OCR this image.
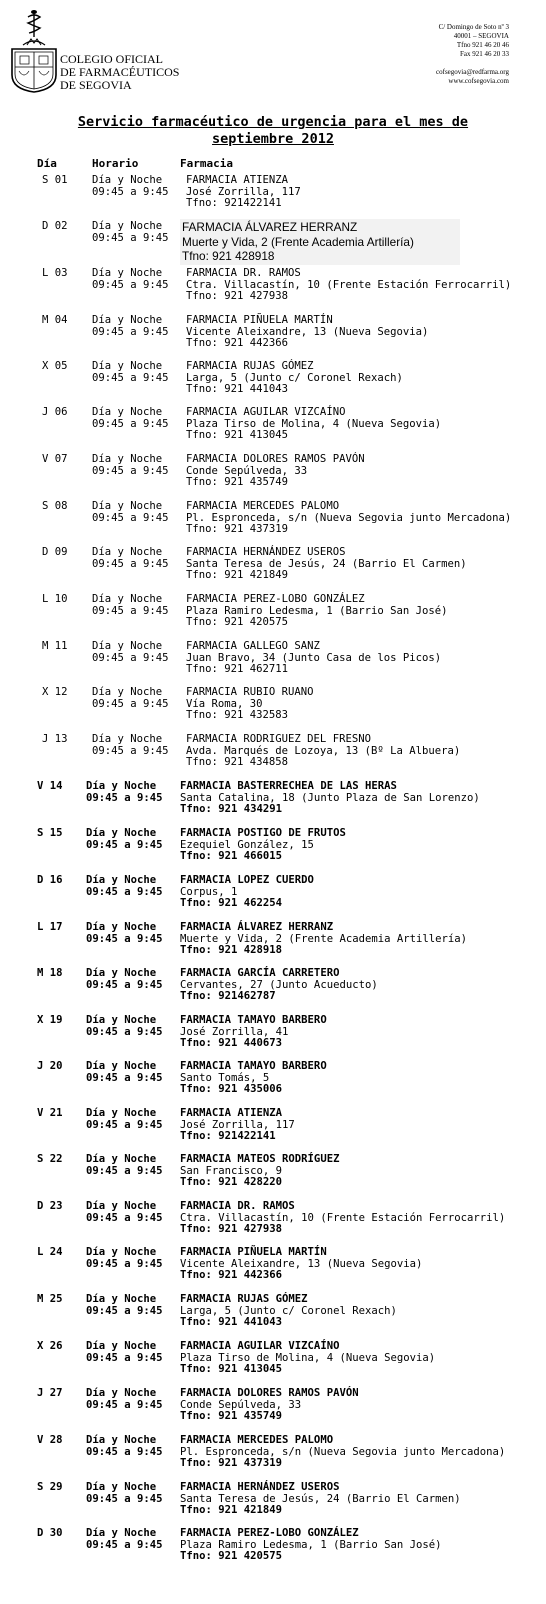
COLEGIO OFICIAL
DE FARMACÉUTICOS
DE SEGOVIA
C/ Domingo de Soto nº 3
40001 – SEGOVIA
Tfno 921 46 20 46
Fax 921 46 20 33
cofsegovia@redfarma.org
www.cofsegovia.com
Servicio farmacéutico de urgencia para el mes de
septiembre 2012
Día	Horario	Farmacia
S 01 Día y Noche
09:45 a 9:45
FARMACIA ATIENZA
José Zorrilla, 117
Tfno: 921422141
D 02 Día y Noche
09:45 a 9:45
FARMACIA ÁLVAREZ HERRANZ
Muerte y Vida, 2 (Frente Academia Artillería)
Tfno: 921 428918
L 03 Día y Noche
09:45 a 9:45
FARMACIA DR. RAMOS
Ctra. Villacastín, 10 (Frente Estación Ferrocarril)
Tfno: 921 427938
M 04 Día y Noche
09:45 a 9:45
FARMACIA PIÑUELA MARTÍN
Vicente Aleixandre, 13 (Nueva Segovia)
Tfno: 921 442366
X 05 Día y Noche
09:45 a 9:45
FARMACIA RUJAS GÓMEZ
Larga, 5 (Junto c/ Coronel Rexach)
Tfno: 921 441043
J 06 Día y Noche
09:45 a 9:45
FARMACIA AGUILAR VIZCAÍNO
Plaza Tirso de Molina, 4 (Nueva Segovia)
Tfno: 921 413045
V 07 Día y Noche
09:45 a 9:45
FARMACIA DOLORES RAMOS PAVÓN
Conde Sepúlveda, 33
Tfno: 921 435749
S 08 Día y Noche
09:45 a 9:45
FARMACIA MERCEDES PALOMO
Pl. Espronceda, s/n (Nueva Segovia junto Mercadona)
Tfno: 921 437319
D 09 Día y Noche
09:45 a 9:45
FARMACIA HERNÁNDEZ USEROS
Santa Teresa de Jesús, 24 (Barrio El Carmen)
Tfno: 921 421849
L 10 Día y Noche
09:45 a 9:45
FARMACIA PEREZ-LOBO GONZÁLEZ
Plaza Ramiro Ledesma, 1 (Barrio San José)
Tfno: 921 420575
M 11 Día y Noche
09:45 a 9:45
FARMACIA GALLEGO SANZ
Juan Bravo, 34 (Junto Casa de los Picos)
Tfno: 921 462711
X 12 Día y Noche
09:45 a 9:45
FARMACIA RUBIO RUANO
Vía Roma, 30
Tfno: 921 432583
J 13 Día y Noche
09:45 a 9:45
FARMACIA RODRIGUEZ DEL FRESNO
Avda. Marqués de Lozoya, 13 (Bº La Albuera)
Tfno: 921 434858
V 14 Día y Noche
09:45 a 9:45
FARMACIA BASTERRECHEA DE LAS HERAS
Santa Catalina, 18 (Junto Plaza de San Lorenzo)
Tfno: 921 434291
S 15 Día y Noche
09:45 a 9:45
FARMACIA POSTIGO DE FRUTOS
Ezequiel González, 15
Tfno: 921 466015
D 16 Día y Noche
09:45 a 9:45
FARMACIA LOPEZ CUERDO
Corpus, 1
Tfno: 921 462254
L 17 Día y Noche
09:45 a 9:45
FARMACIA ÁLVAREZ HERRANZ
Muerte y Vida, 2 (Frente Academia Artillería)
Tfno: 921 428918
M 18 Día y Noche
09:45 a 9:45
FARMACIA GARCÍA CARRETERO
Cervantes, 27 (Junto Acueducto)
Tfno: 921462787
X 19 Día y Noche
09:45 a 9:45
FARMACIA TAMAYO BARBERO
José Zorrilla, 41
Tfno: 921 440673
J 20 Día y Noche
09:45 a 9:45
FARMACIA TAMAYO BARBERO
Santo Tomás, 5
Tfno: 921 435006
V 21 Día y Noche
09:45 a 9:45
FARMACIA ATIENZA
José Zorrilla, 117
Tfno: 921422141
S 22 Día y Noche
09:45 a 9:45
FARMACIA MATEOS RODRÍGUEZ
San Francisco, 9
Tfno: 921 428220
D 23 Día y Noche
09:45 a 9:45
FARMACIA DR. RAMOS
Ctra. Villacastín, 10 (Frente Estación Ferrocarril)
Tfno: 921 427938
L 24 Día y Noche
09:45 a 9:45
FARMACIA PIÑUELA MARTÍN
Vicente Aleixandre, 13 (Nueva Segovia)
Tfno: 921 442366
M 25 Día y Noche
09:45 a 9:45
FARMACIA RUJAS GÓMEZ
Larga, 5 (Junto c/ Coronel Rexach)
Tfno: 921 441043
X 26 Día y Noche
09:45 a 9:45
FARMACIA AGUILAR VIZCAÍNO
Plaza Tirso de Molina, 4 (Nueva Segovia)
Tfno: 921 413045
J 27 Día y Noche
09:45 a 9:45
FARMACIA DOLORES RAMOS PAVÓN
Conde Sepúlveda, 33
Tfno: 921 435749
V 28 Día y Noche
09:45 a 9:45
FARMACIA MERCEDES PALOMO
Pl. Espronceda, s/n (Nueva Segovia junto Mercadona)
Tfno: 921 437319
S 29 Día y Noche
09:45 a 9:45
FARMACIA HERNÁNDEZ USEROS
Santa Teresa de Jesús, 24 (Barrio El Carmen)
Tfno: 921 421849
D 30 Día y Noche
09:45 a 9:45
FARMACIA PEREZ-LOBO GONZÁLEZ
Plaza Ramiro Ledesma, 1 (Barrio San José)
Tfno: 921 420575
